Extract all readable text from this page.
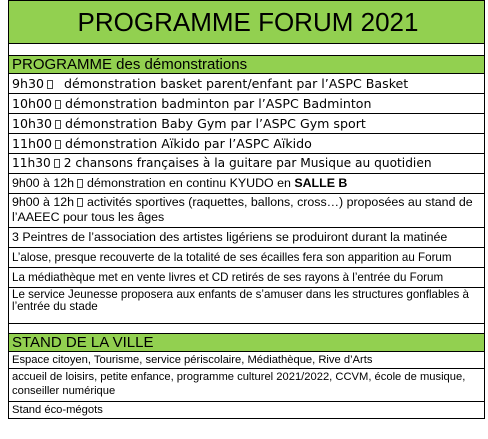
PROGRAMME FORUM 2021
PROGRAMME des démonstrations
9h30 démonstration basket parent/enfant par l’ASPC Basket
10h00 démonstration badminton par l’ASPC Badminton
10h30 démonstration Baby Gym par l’ASPC Gym sport
11h00 démonstration Aïkido par l’ASPC Aïkido
11h30 2 chansons françaises à la guitare par Musique au quotidien
9h00 à 12h démonstration en continu KYUDO en SALLE B
9h00 à 12h activités sportives (raquettes, ballons, cross…) proposées au stand de l’AAEEC pour tous les âges
3 Peintres de l’association des artistes ligériens se produiront durant la matinée
L’alose, presque recouverte de la totalité de ses écailles fera son apparition au Forum
La médiathèque met en vente livres et CD retirés de ses rayons à l’entrée du Forum
Le service Jeunesse proposera aux enfants de s’amuser dans les structures gonflables à l’entrée du stade
STAND DE LA VILLE
Espace citoyen, Tourisme, service périscolaire, Médiathèque, Rive d’Arts
accueil de loisirs, petite enfance, programme culturel 2021/2022, CCVM, école de musique, conseiller numérique
Stand éco-mégots
